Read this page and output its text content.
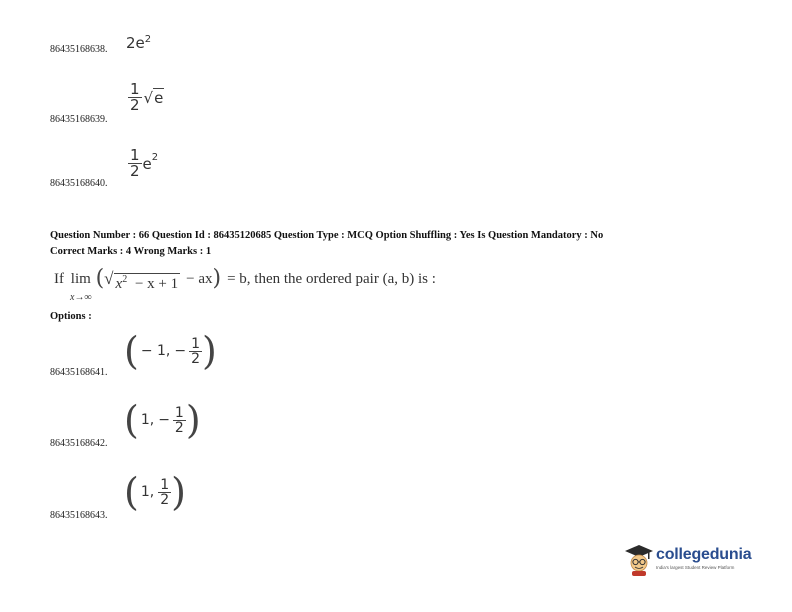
86435168638. $2e^2$
86435168639.
$\frac{1}{2}$ √ e
86435168640.
$\frac{1}{2} e^2$
Question Number : 66 Question Id : 86435120685 Question Type : MCQ Option Shuffling : Yes Is Question Mandatory : No
Correct Marks : 4 Wrong Marks : 1
If lim
x→∞
( √ $x^2 - x + 1$ − ax ) = b , then the ordered pair (a, b) is :
Options :
86435168641. ( − 1, − $\frac{1}{2}$ )
86435168642.
( 1, − $\frac{1}{2}$ )
86435168643.
( 1, $\frac{1}{2}$ )
collegedunia
India's largest Student Review Platform
